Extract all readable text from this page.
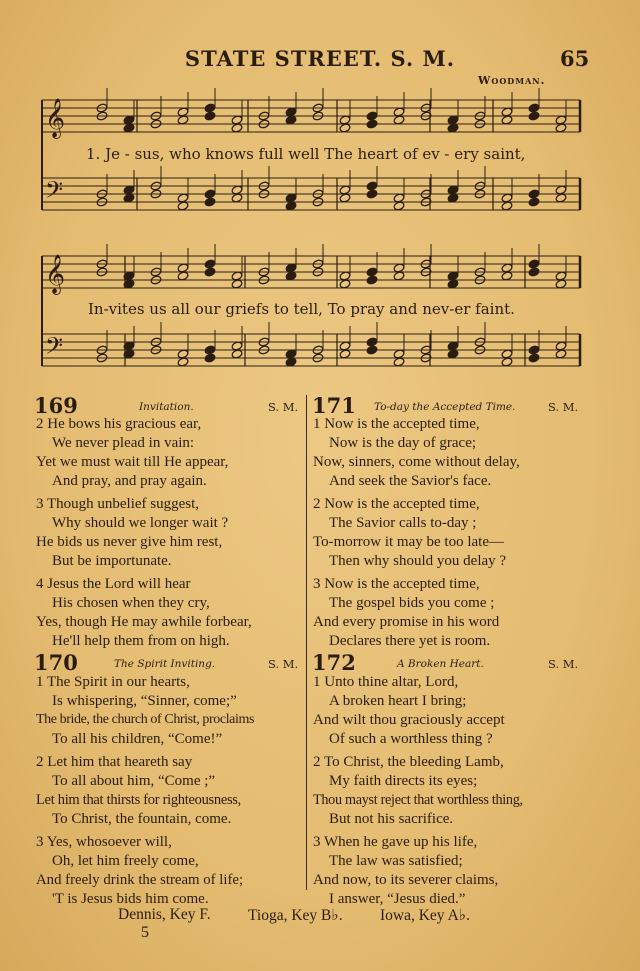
STATE STREET. S. M.	65
Woodman.
𝄞
𝄢
𝄞
𝄢
1. Je - sus, who knows full well The heart of ev - ery saint,
In-vites us all our griefs to tell, To pray and nev-er faint.
169	Invitation.	S. M.
2 He bows his gracious ear,
We never plead in vain:
Yet we must wait till He appear,
And pray, and pray again.
3 Though unbelief suggest,
Why should we longer wait ?
He bids us never give him rest,
But be importunate.
4 Jesus the Lord will hear
His chosen when they cry,
Yes, though He may awhile forbear,
He'll help them from on high.
170	The Spirit Inviting.	S. M.
1 The Spirit in our hearts,
Is whispering, “Sinner, come;”
The bride, the church of Christ, proclaims
To all his children, “Come!”
2 Let him that heareth say
To all about him, “Come ;”
Let him that thirsts for righteousness,
To Christ, the fountain, come.
3 Yes, whosoever will,
Oh, let him freely come,
And freely drink the stream of life;
'T is Jesus bids him come.
171 To-day the Accepted Time.	S. M.
1 Now is the accepted time,
Now is the day of grace;
Now, sinners, come without delay,
And seek the Savior's face.
2 Now is the accepted time,
The Savior calls to-day ;
To-morrow it may be too late—
Then why should you delay ?
3 Now is the accepted time,
The gospel bids you come ;
And every promise in his word
Declares there yet is room.
172	A Broken Heart.	S. M.
1 Unto thine altar, Lord,
A broken heart I bring;
And wilt thou graciously accept
Of such a worthless thing ?
2 To Christ, the bleeding Lamb,
My faith directs its eyes;
Thou mayst reject that worthless thing,
But not his sacrifice.
3 When he gave up his life,
The law was satisfied;
And now, to its severer claims,
I answer, “Jesus died.”
Dennis, Key F. Tioga, Key B♭. Iowa, Key A♭.
5
